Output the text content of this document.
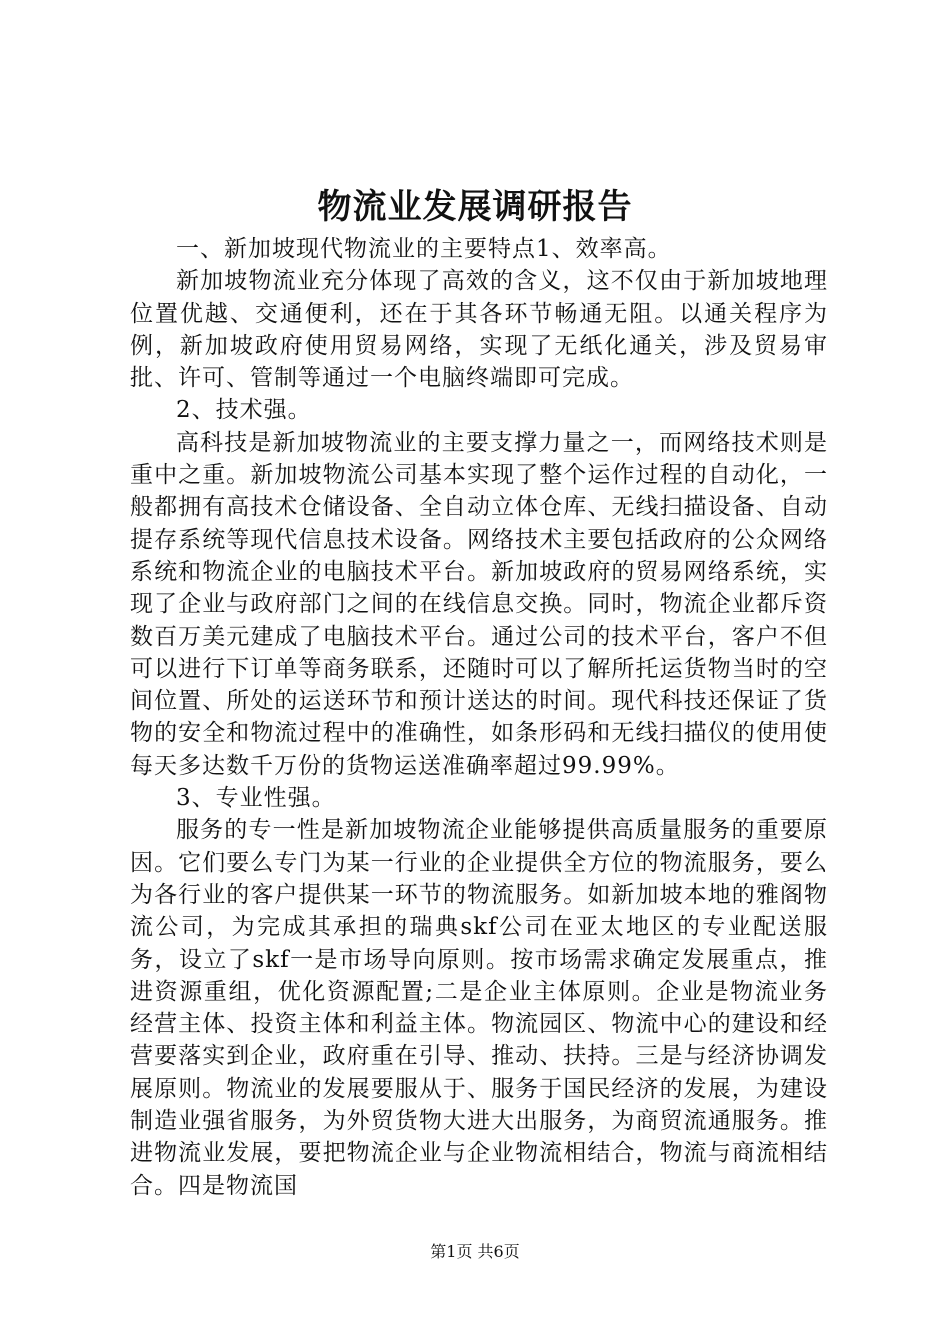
物流业发展调研报告

一、新加坡现代物流业的主要特点1、效率高。

新加坡物流业充分体现了高效的含义，这不仅由于新加坡地理位置优越、交通便利，还在于其各环节畅通无阻。以通关程序为例，新加坡政府使用贸易网络，实现了无纸化通关，涉及贸易审批、许可、管制等通过一个电脑终端即可完成。

2、技术强。

高科技是新加坡物流业的主要支撑力量之一，而网络技术则是重中之重。新加坡物流公司基本实现了整个运作过程的自动化，一般都拥有高技术仓储设备、全自动立体仓库、无线扫描设备、自动提存系统等现代信息技术设备。网络技术主要包括政府的公众网络系统和物流企业的电脑技术平台。新加坡政府的贸易网络系统，实现了企业与政府部门之间的在线信息交换。同时，物流企业都斥资数百万美元建成了电脑技术平台。通过公司的技术平台，客户不但可以进行下订单等商务联系，还随时可以了解所托运货物当时的空间位置、所处的运送环节和预计送达的时间。现代科技还保证了货物的安全和物流过程中的准确性，如条形码和无线扫描仪的使用使每天多达数千万份的货物运送准确率超过99.99%。

3、专业性强。

服务的专一性是新加坡物流企业能够提供高质量服务的重要原因。它们要么专门为某一行业的企业提供全方位的物流服务，要么为各行业的客户提供某一环节的物流服务。如新加坡本地的雅阁物流公司，为完成其承担的瑞典skf公司在亚太地区的专业配送服务，设立了skf一是市场导向原则。按市场需求确定发展重点，推进资源重组，优化资源配置;二是企业主体原则。企业是物流业务经营主体、投资主体和利益主体。物流园区、物流中心的建设和经营要落实到企业，政府重在引导、推动、扶持。三是与经济协调发展原则。物流业的发展要服从于、服务于国民经济的发展，为建设制造业强省服务，为外贸货物大进大出服务，为商贸流通服务。推进物流业发展，要把物流企业与企业物流相结合，物流与商流相结合。四是物流国

第1页 共6页
